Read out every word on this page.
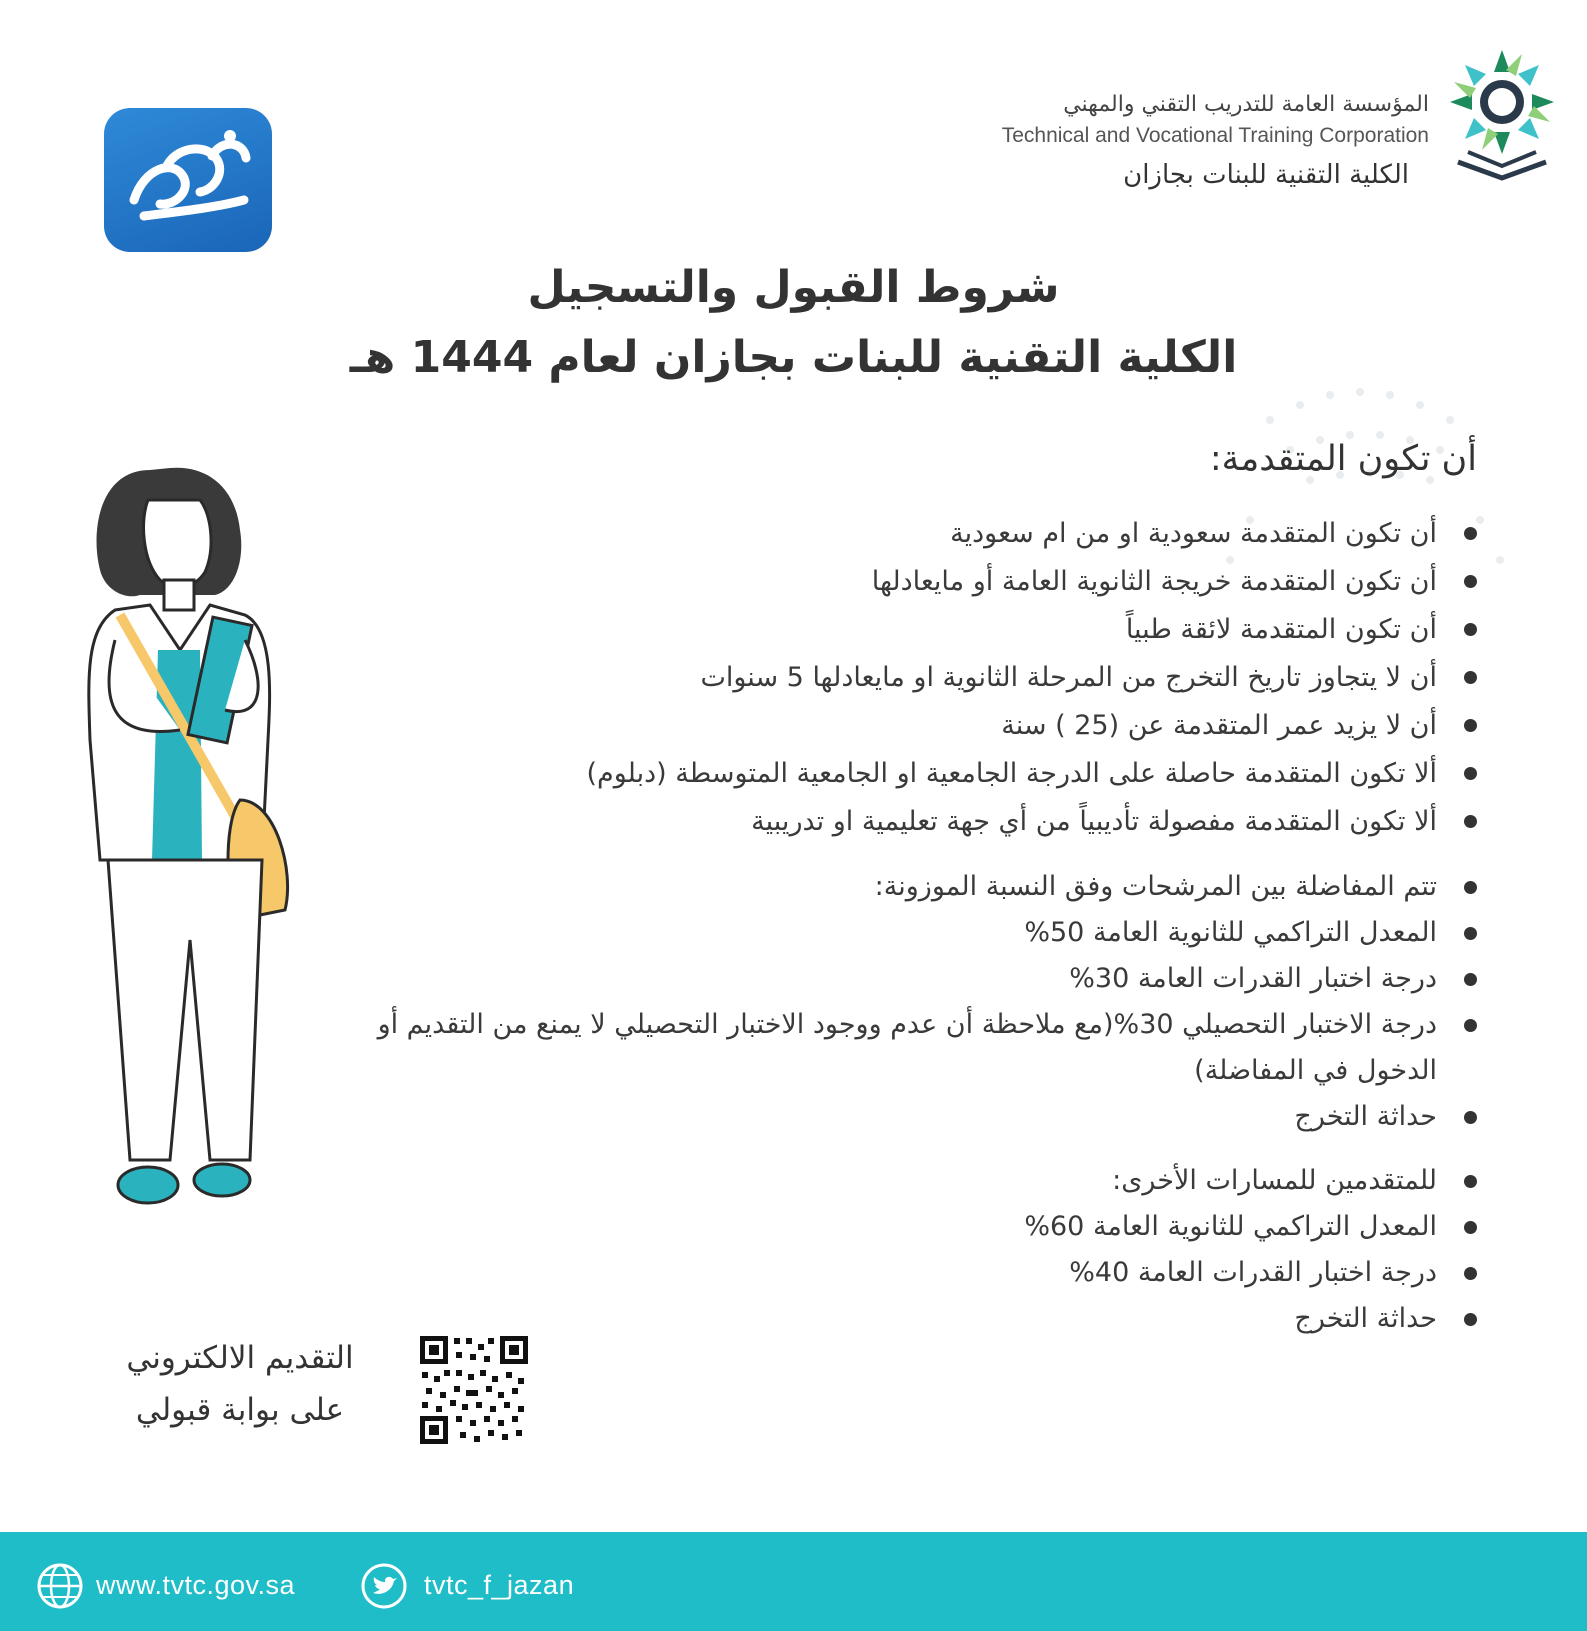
المؤسسة العامة للتدريب التقني والمهني
Technical and Vocational Training Corporation
الكلية التقنية للبنات بجازان
شروط القبول والتسجيل
الكلية التقنية للبنات بجازان لعام 1444 هـ
أن تكون المتقدمة:
أن تكون المتقدمة سعودية او من ام سعودية
أن تكون المتقدمة خريجة الثانوية العامة أو مايعادلها
أن تكون المتقدمة لائقة طبياً
أن لا يتجاوز تاريخ التخرج من المرحلة الثانوية او مايعادلها 5 سنوات
أن لا يزيد عمر المتقدمة عن (25 ) سنة
ألا تكون المتقدمة حاصلة على الدرجة الجامعية او الجامعية المتوسطة (دبلوم)
ألا تكون المتقدمة مفصولة تأديبياً من أي جهة تعليمية او تدريبية
تتم المفاضلة بين المرشحات وفق النسبة الموزونة:
المعدل التراكمي للثانوية العامة 50%
درجة اختبار القدرات العامة 30%
درجة الاختبار التحصيلي 30%(مع ملاحظة أن عدم ووجود الاختبار التحصيلي لا يمنع من التقديم أو الدخول في المفاضلة)
حداثة التخرج
للمتقدمين للمسارات الأخرى:
المعدل التراكمي للثانوية العامة 60%
درجة اختبار القدرات العامة 40%
حداثة التخرج
التقديم الالكتروني
على بوابة قبولي
www.tvtc.gov.sa	tvtc_f_jazan
